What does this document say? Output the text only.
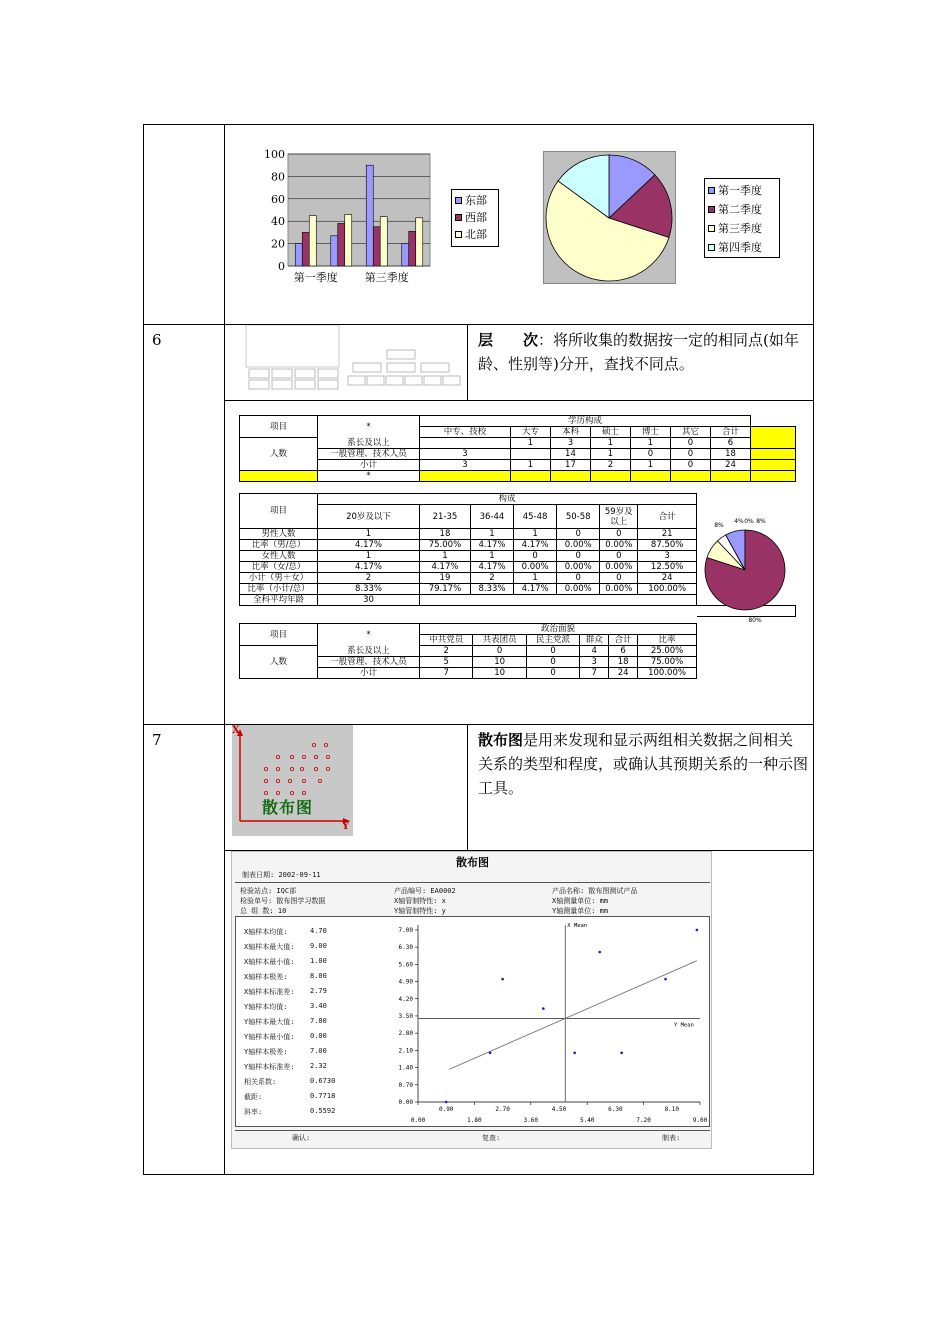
0
20
40
60
80
100
第一季度 第三季度
东部
西部
北部
第一季度
第二季度
第三季度
第四季度
6	层　　次：将所收集的数据按一定的相同点(如年龄、性别等)分开，查找不同点。
项目	*	学历构成							
		中专、技校	大专	本科	硕士	博士	其它	合计	
人数	系长及以上		1	3	1	1	0	6	
	一般管理、技术人员	3		14	1	0	0	18	
	小计	3	1	17	2	1	0	24	
	*								
项目	构成						
	20岁及以下	21-35	36-44	45-48	50-58	59岁及以上	合计
男性人数	1	18	1	1	0	0	21
比率（男/总）	4.17%	75.00%	4.17%	4.17%	0.00%	0.00%	87.50%
女性人数	1	1	1	0	0	0	3
比率（女/总）	4.17%	4.17%	4.17%	0.00%	0.00%	0.00%	12.50%
小计（男＋女）	2	19	2	1	0	0	24
比率（小计/总）	8.33%	79.17%	8.33%	4.17%	0.00%	0.00%	100.00%
全科平均年龄	30						
8%
4% 0% 8%
80%
项目	*	政治面貌					
		中共党员	共表团员	民主党派	群众	合计	比率
人数	系长及以上	2	0	0	4	6	25.00%
	一般管理、技术人员	5	10	0	3	18	75.00%
	小计	7	10	0	7	24	100.00%
7
X
Y
散布图
散布图是用来发现和显示两组相关数据之间相关关系的类型和程度，或确认其预期关系的一种示图工具。
散布图
制表日期: 2002-09-11
检验站点: IQC部	产品编号: EA0002	产品名称: 散布图测试产品
检验单号: 散布图学习数据	X轴管制特性: x	X轴测量单位: mm
总 组 数: 10	Y轴管制特性: y	Y轴测量单位: mm
X轴样本均值:	4.70
X轴样本最大值: 9.00
X轴样本最小值: 1.00
X轴样本极差:	8.00
X轴样本标准差: 2.79
Y轴样本均值:	3.40
Y轴样本最大值: 7.00
Y轴样本最小值: 0.00
Y轴样本极差:	7.00
Y轴样本标准差: 2.32
相关系数:	0.6730
截距:	0.7718
斜率:	0.5592
0.00
0.70
1.40
2.10
2.80
3.50
4.20
4.90
5.60
6.30
7.00
0.90	2.70	4.50	6.30	8.10
0.00	1.80	3.60	5.40	7.20	9.00
X Mean
Y Mean
确认:	复查:	制表:
